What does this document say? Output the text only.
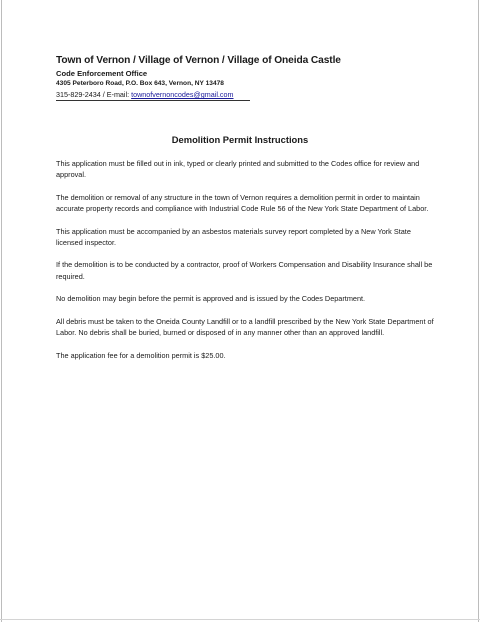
Town of Vernon / Village of Vernon / Village of Oneida Castle
Code Enforcement Office
4305 Peterboro Road, P.O. Box 643, Vernon, NY 13478
315-829-2434 / E-mail: townofvernoncodes@gmail.com
Demolition Permit Instructions

This application must be filled out in ink, typed or clearly printed and submitted to the Codes office for review and approval.

The demolition or removal of any structure in the town of Vernon requires a demolition permit in order to maintain accurate property records and compliance with Industrial Code Rule 56 of the New York State Department of Labor.

This application must be accompanied by an asbestos materials survey report completed by a New York State licensed inspector.

If the demolition is to be conducted by a contractor, proof of Workers Compensation and Disability Insurance shall be required.

No demolition may begin before the permit is approved and is issued by the Codes Department.

All debris must be taken to the Oneida County Landfill or to a landfill prescribed by the New York State Department of Labor. No debris shall be buried, burned or disposed of in any manner other than an approved landfill.

The application fee for a demolition permit is $25.00.
